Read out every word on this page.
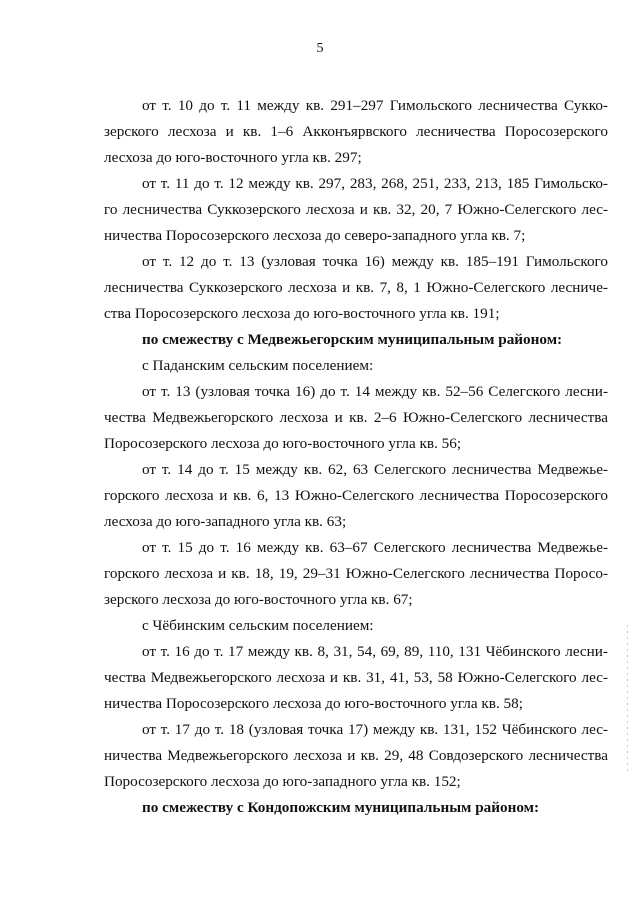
5
от т. 10 до т. 11 между кв. 291–297 Гимольского лесничества Сукко-
зерского лесхоза и кв. 1–6 Акконъярвского лесничества Поросозерского
лесхоза до юго-восточного угла кв. 297;
от т. 11 до т. 12 между кв. 297, 283, 268, 251, 233, 213, 185 Гимольско-
го лесничества Суккозерского лесхоза и кв. 32, 20, 7 Южно-Селегского лес-
ничества Поросозерского лесхоза до северо-западного угла кв. 7;
от т. 12 до т. 13 (узловая точка 16) между кв. 185–191 Гимольского
лесничества Суккозерского лесхоза и кв. 7, 8, 1 Южно-Селегского лесниче-
ства Поросозерского лесхоза до юго-восточного угла кв. 191;
по смежеству с Медвежьегорским муниципальным районом:
с Паданским сельским поселением:
от т. 13 (узловая точка 16) до т. 14 между кв. 52–56 Селегского лесни-
чества Медвежьегорского лесхоза и кв. 2–6 Южно-Селегского лесничества
Поросозерского лесхоза до юго-восточного угла кв. 56;
от т. 14 до т. 15 между кв. 62, 63 Селегского лесничества Медвежье-
горского лесхоза и кв. 6, 13 Южно-Селегского лесничества Поросозерского
лесхоза до юго-западного угла кв. 63;
от т. 15 до т. 16 между кв. 63–67 Селегского лесничества Медвежье-
горского лесхоза и кв. 18, 19, 29–31 Южно-Селегского лесничества Поросо-
зерского лесхоза до юго-восточного угла кв. 67;
с Чёбинским сельским поселением:
от т. 16 до т. 17 между кв. 8, 31, 54, 69, 89, 110, 131 Чёбинского лесни-
чества Медвежьегорского лесхоза и кв. 31, 41, 53, 58 Южно-Селегского лес-
ничества Поросозерского лесхоза до юго-восточного угла кв. 58;
от т. 17 до т. 18 (узловая точка 17) между кв. 131, 152 Чёбинского лес-
ничества Медвежьегорского лесхоза и кв. 29, 48 Совдозерского лесничества
Поросозерского лесхоза до юго-западного угла кв. 152;
по смежеству с Кондопожским муниципальным районом:
